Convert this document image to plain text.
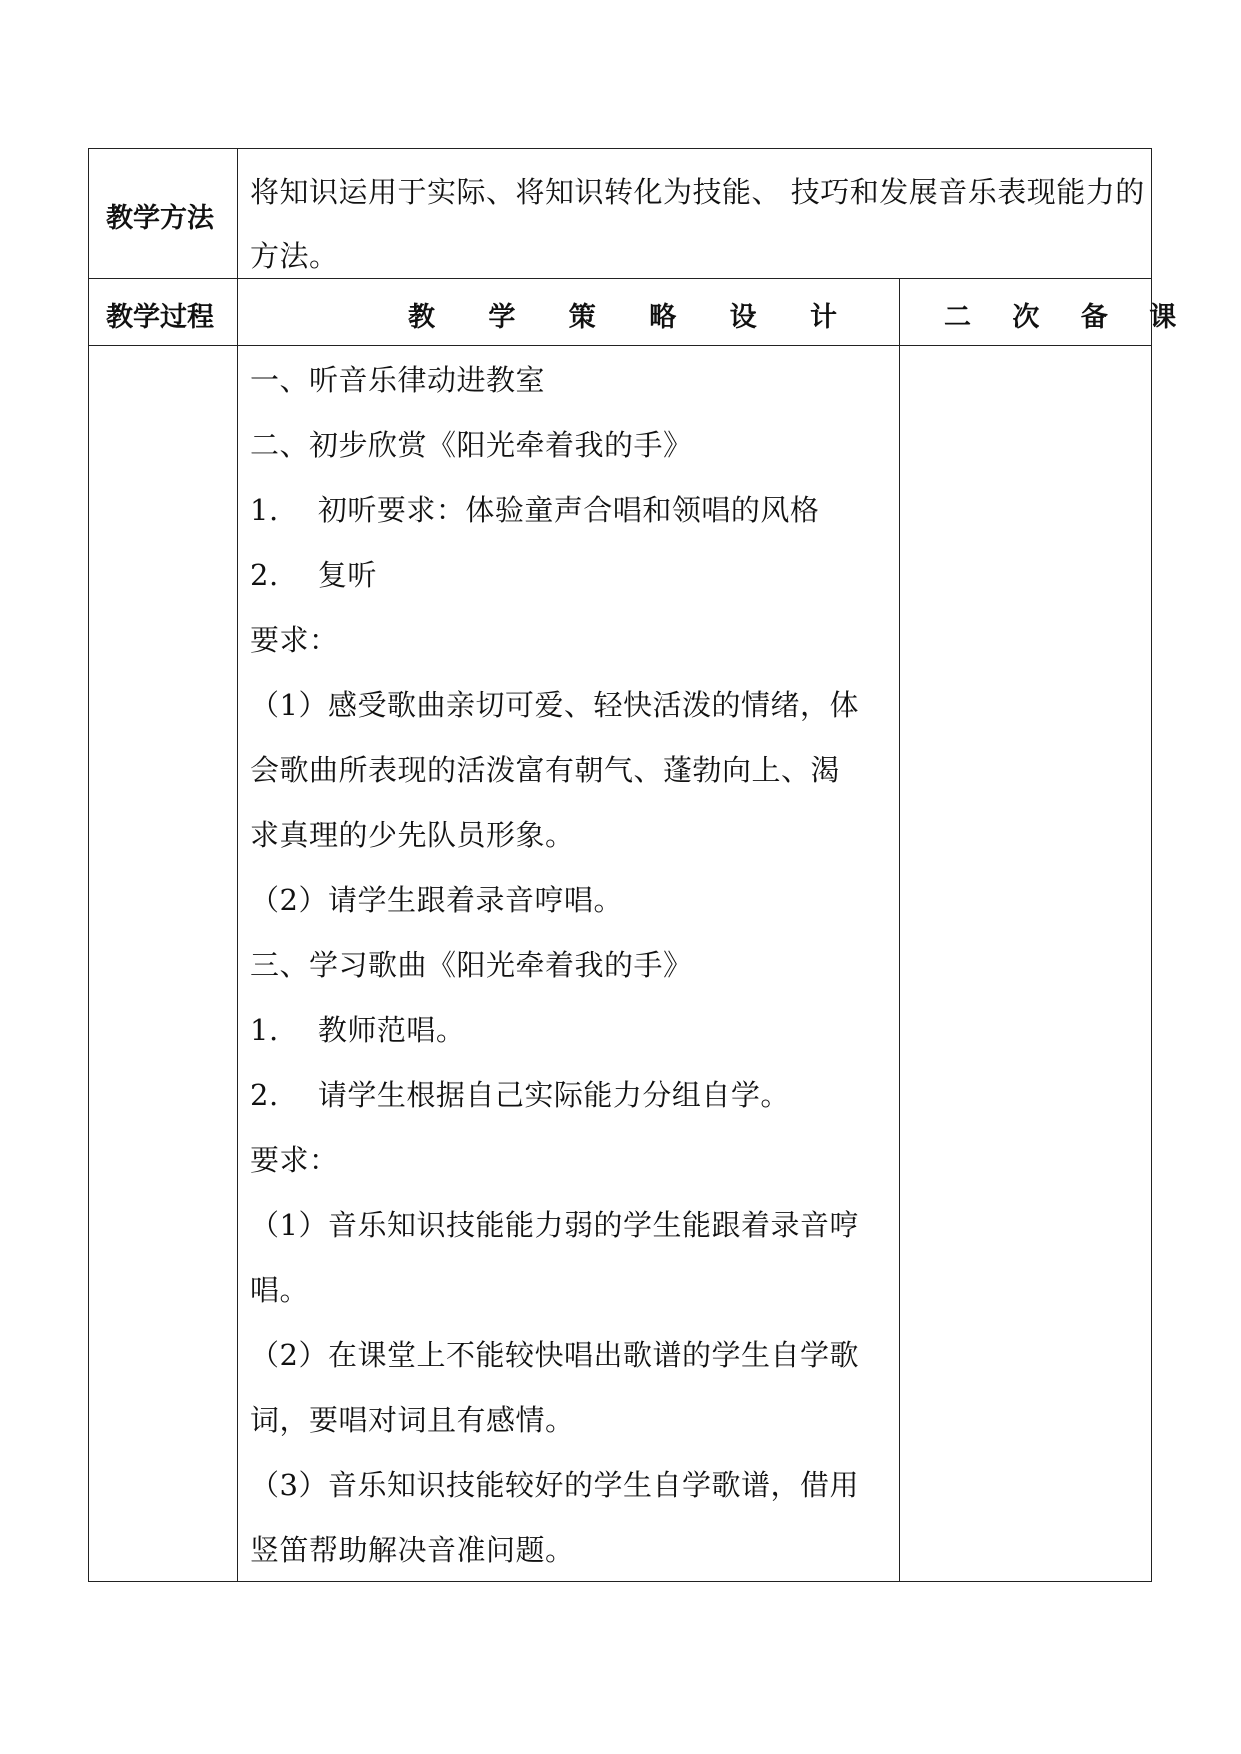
教学方法
将知识运用于实际、将知识转化为技能、 技巧和发展音乐表现能力的方法。
教学过程	教 学 策 略 设 计	二 次 备 课
一、听音乐律动进教室
二、初步欣赏《阳光牵着我的手》
1.　 初听要求：体验童声合唱和领唱的风格
2.　 复听
要求：
（1）感受歌曲亲切可爱、轻快活泼的情绪，体
会歌曲所表现的活泼富有朝气、蓬勃向上、渴
求真理的少先队员形象。
（2）请学生跟着录音哼唱。
三、学习歌曲《阳光牵着我的手》
1.　 教师范唱。
2.　 请学生根据自己实际能力分组自学。
要求：
（1）音乐知识技能能力弱的学生能跟着录音哼
唱。
（2）在课堂上不能较快唱出歌谱的学生自学歌
词，要唱对词且有感情。
（3）音乐知识技能较好的学生自学歌谱，借用
竖笛帮助解决音准问题。
